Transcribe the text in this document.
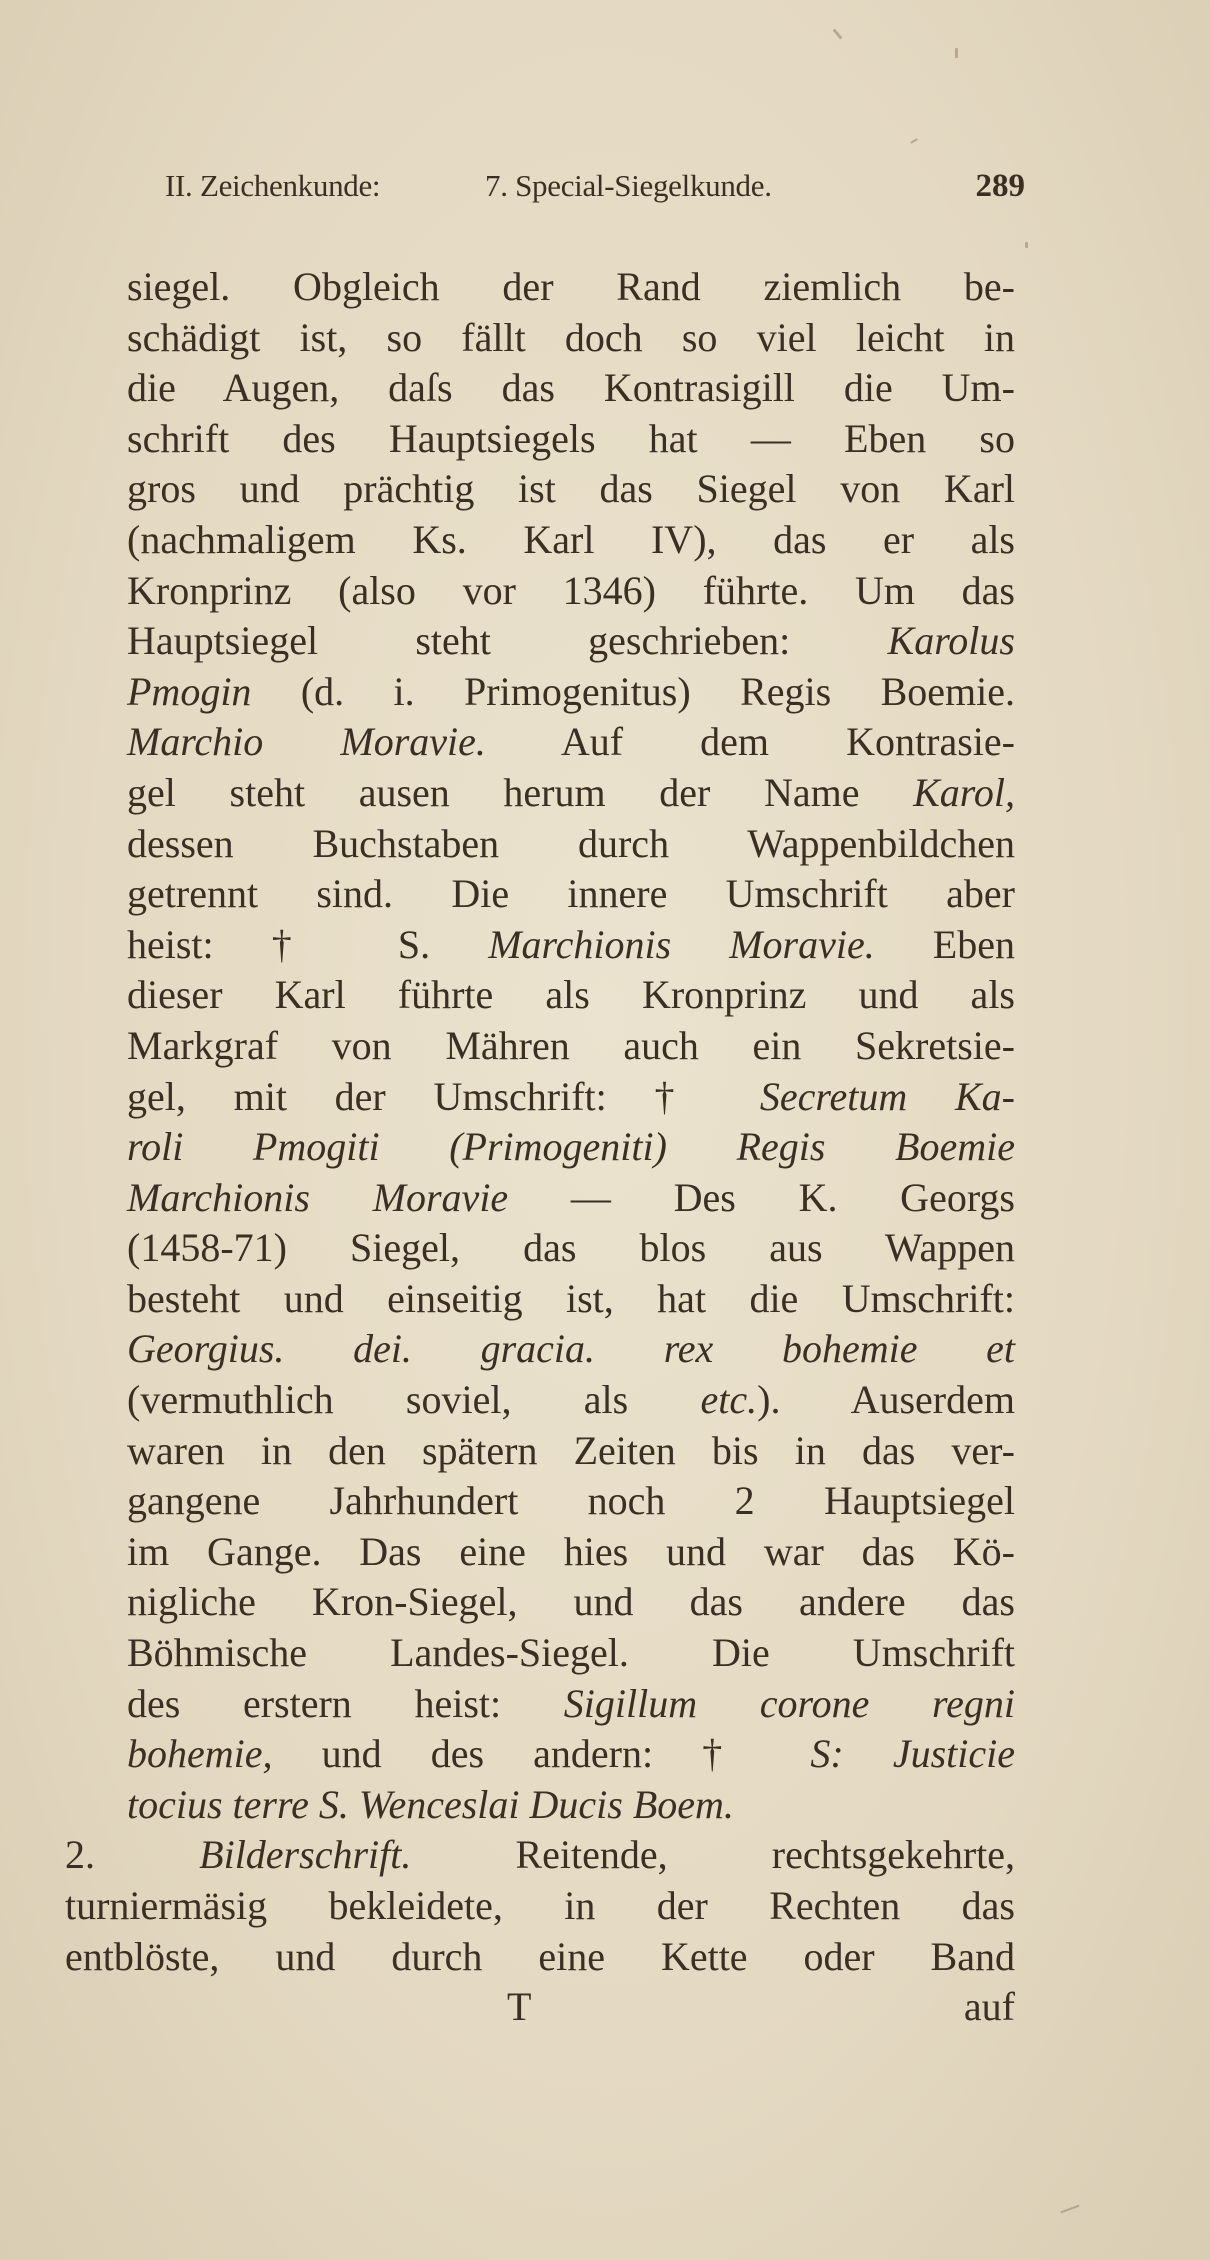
II. Zeichenkunde:	7. Special-Siegelkunde.	289
siegel. Obgleich der Rand ziemlich be-
schädigt ist, so fällt doch so viel leicht in
die Augen, daſs das Kontrasigill die Um-
schrift des Hauptsiegels hat — Eben so
gros und prächtig ist das Siegel von Karl
(nachmaligem Ks. Karl IV), das er als
Kronprinz (also vor 1346) führte. Um das
Hauptsiegel steht geschrieben: Karolus
Pmogin (d. i. Primogenitus) Regis Boemie.
Marchio Moravie. Auf dem Kontrasie-
gel steht ausen herum der Name Karol,
dessen Buchstaben durch Wappenbildchen
getrennt sind. Die innere Umschrift aber
heist: † S. Marchionis Moravie. Eben
dieser Karl führte als Kronprinz und als
Markgraf von Mähren auch ein Sekretsie-
gel, mit der Umschrift: † Secretum Ka-
roli Pmogiti (Primogeniti) Regis Boemie
Marchionis Moravie — Des K. Georgs
(1458-71) Siegel, das blos aus Wappen
besteht und einseitig ist, hat die Umschrift:
Georgius. dei. gracia. rex bohemie et
(vermuthlich soviel, als etc.). Auserdem
waren in den spätern Zeiten bis in das ver-
gangene Jahrhundert noch 2 Hauptsiegel
im Gange. Das eine hies und war das Kö-
nigliche Kron-Siegel, und das andere das
Böhmische Landes-Siegel. Die Umschrift
des erstern heist: Sigillum corone regni
bohemie, und des andern: † S: Justicie
tocius terre S. Wenceslai Ducis Boem.
2. Bilderschrift. Reitende, rechtsgekehrte,
turniermäsig bekleidete, in der Rechten das
entblöste, und durch eine Kette oder Band
T	auf
